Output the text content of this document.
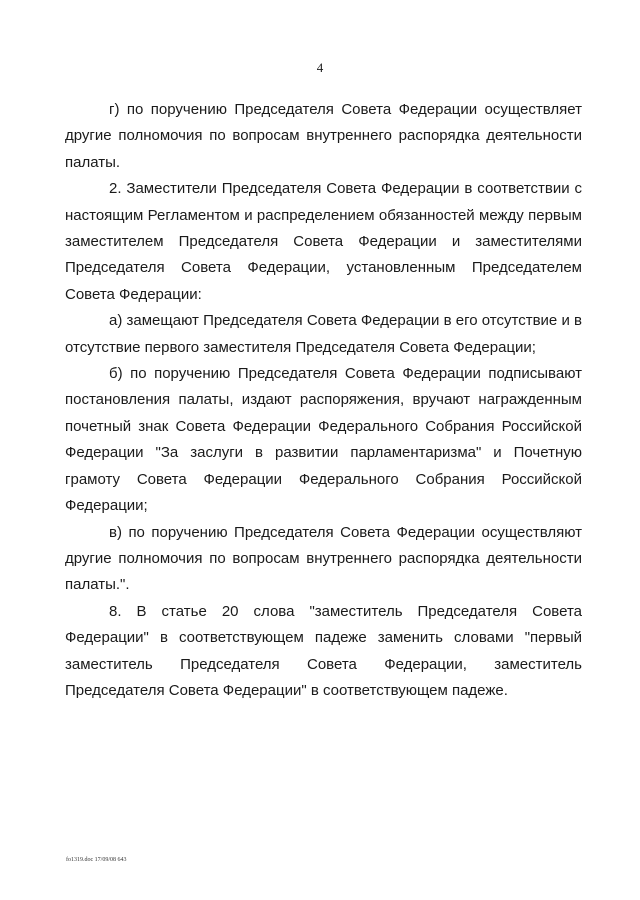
4

г) по поручению Председателя Совета Федерации осуществляет другие полномочия по вопросам внутреннего распорядка деятельности палаты.

2. Заместители Председателя Совета Федерации в соответствии с настоящим Регламентом и распределением обязанностей между первым заместителем Председателя Совета Федерации и заместителями Председателя Совета Федерации, установленным Председателем Совета Федерации:

а) замещают Председателя Совета Федерации в его отсутствие и в отсутствие первого заместителя Председателя Совета Федерации;

б) по поручению Председателя Совета Федерации подписывают постановления палаты, издают распоряжения, вручают награжденным почетный знак Совета Федерации Федерального Собрания Российской Федерации "За заслуги в развитии парламентаризма" и Почетную грамоту Совета Федерации Федерального Собрания Российской Федерации;

в) по поручению Председателя Совета Федерации осуществляют другие полномочия по вопросам внутреннего распорядка деятельности палаты.".

8. В статье 20 слова "заместитель Председателя Совета Федерации" в соответствующем падеже заменить словами "первый заместитель Председателя Совета Федерации, заместитель Председателя Совета Федерации" в соответствующем падеже.

fo1319.doc 17/09/08 643
